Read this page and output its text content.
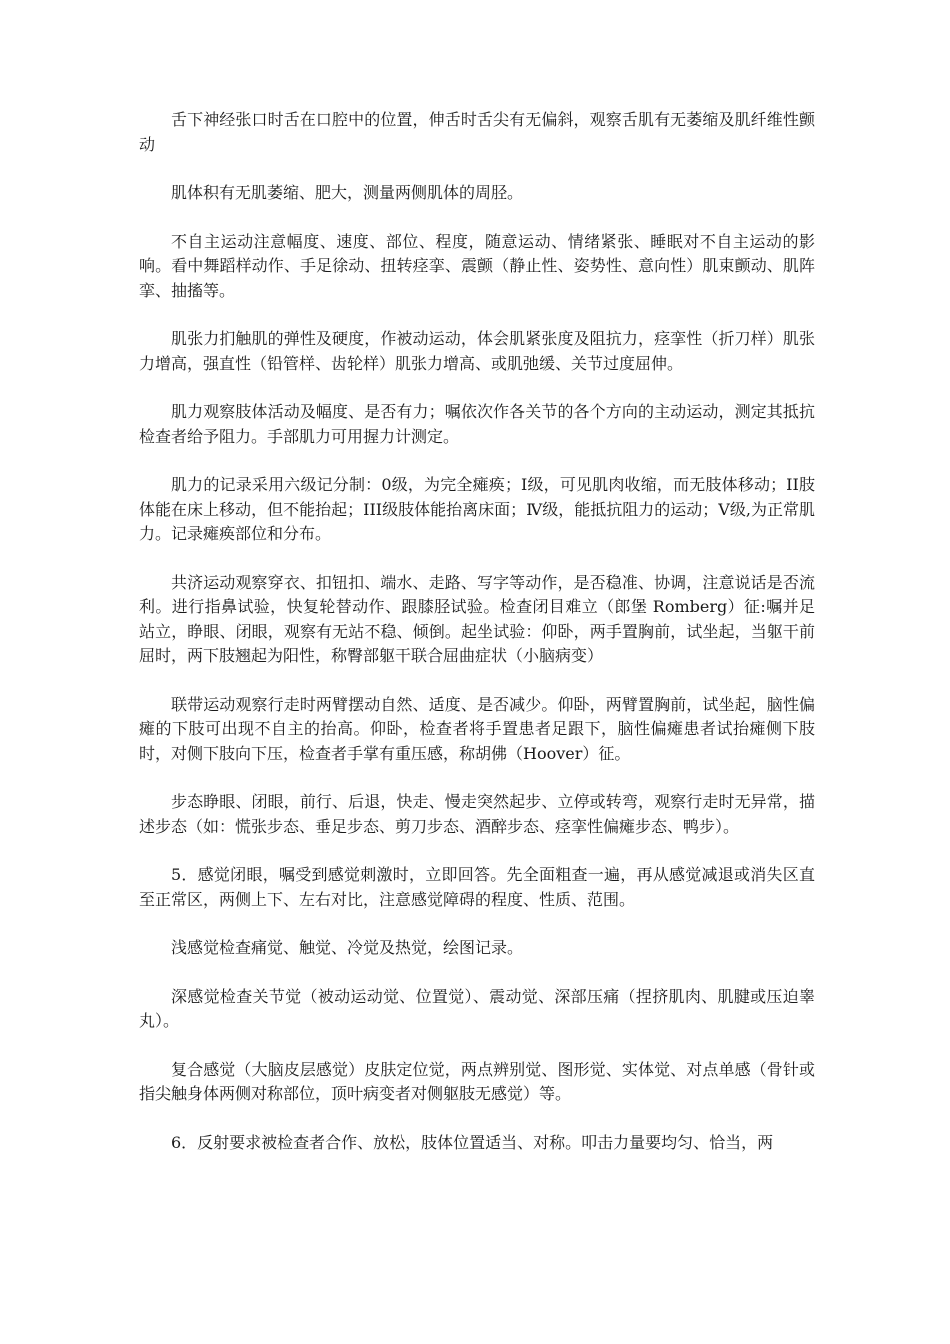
舌下神经张口时舌在口腔中的位置，伸舌时舌尖有无偏斜，观察舌肌有无萎缩及肌纤维性颤动

肌体积有无肌萎缩、肥大，测量两侧肌体的周胫。

不自主运动注意幅度、速度、部位、程度，随意运动、情绪紧张、睡眠对不自主运动的影响。看中舞蹈样动作、手足徐动、扭转痉挛、震颤（静止性、姿势性、意向性）肌束颤动、肌阵挛、抽搐等。

肌张力扪触肌的弹性及硬度，作被动运动，体会肌紧张度及阻抗力，痉挛性（折刀样）肌张力增高，强直性（铅管样、齿轮样）肌张力增高、或肌弛缓、关节过度屈伸。

肌力观察肢体活动及幅度、是否有力；嘱依次作各关节的各个方向的主动运动，测定其抵抗检查者给予阻力。手部肌力可用握力计测定。

肌力的记录采用六级记分制：0级，为完全瘫痪；I级，可见肌肉收缩，而无肢体移动；II肢体能在床上移动，但不能抬起；III级肢体能抬离床面；Ⅳ级，能抵抗阻力的运动；V级,为正常肌力。记录瘫痪部位和分布。

共济运动观察穿衣、扣钮扣、端水、走路、写字等动作，是否稳准、协调，注意说话是否流利。进行指鼻试验，快复轮替动作、跟膝胫试验。检查闭目难立（郎堡 Romberg）征:嘱并足站立，睁眼、闭眼，观察有无站不稳、倾倒。起坐试验：仰卧，两手置胸前，试坐起，当躯干前屈时，两下肢翘起为阳性，称臀部躯干联合屈曲症状（小脑病变）

联带运动观察行走时两臂摆动自然、适度、是否减少。仰卧，两臂置胸前，试坐起，脑性偏瘫的下肢可出现不自主的抬高。仰卧，检查者将手置患者足跟下，脑性偏瘫患者试抬瘫侧下肢时，对侧下肢向下压，检查者手掌有重压感，称胡佛（Hoover）征。

步态睁眼、闭眼，前行、后退，快走、慢走突然起步、立停或转弯，观察行走时无异常，描述步态（如：慌张步态、垂足步态、剪刀步态、酒醉步态、痉挛性偏瘫步态、鸭步）。

5．感觉闭眼，嘱受到感觉刺激时，立即回答。先全面粗查一遍，再从感觉减退或消失区直至正常区，两侧上下、左右对比，注意感觉障碍的程度、性质、范围。

浅感觉检查痛觉、触觉、冷觉及热觉，绘图记录。

深感觉检查关节觉（被动运动觉、位置觉）、震动觉、深部压痛（捏挤肌肉、肌腱或压迫睾丸）。

复合感觉（大脑皮层感觉）皮肤定位觉，两点辨别觉、图形觉、实体觉、对点单感（骨针或指尖触身体两侧对称部位，顶叶病变者对侧躯肢无感觉）等。

6．反射要求被检查者合作、放松，肢体位置适当、对称。叩击力量要均匀、恰当，两
